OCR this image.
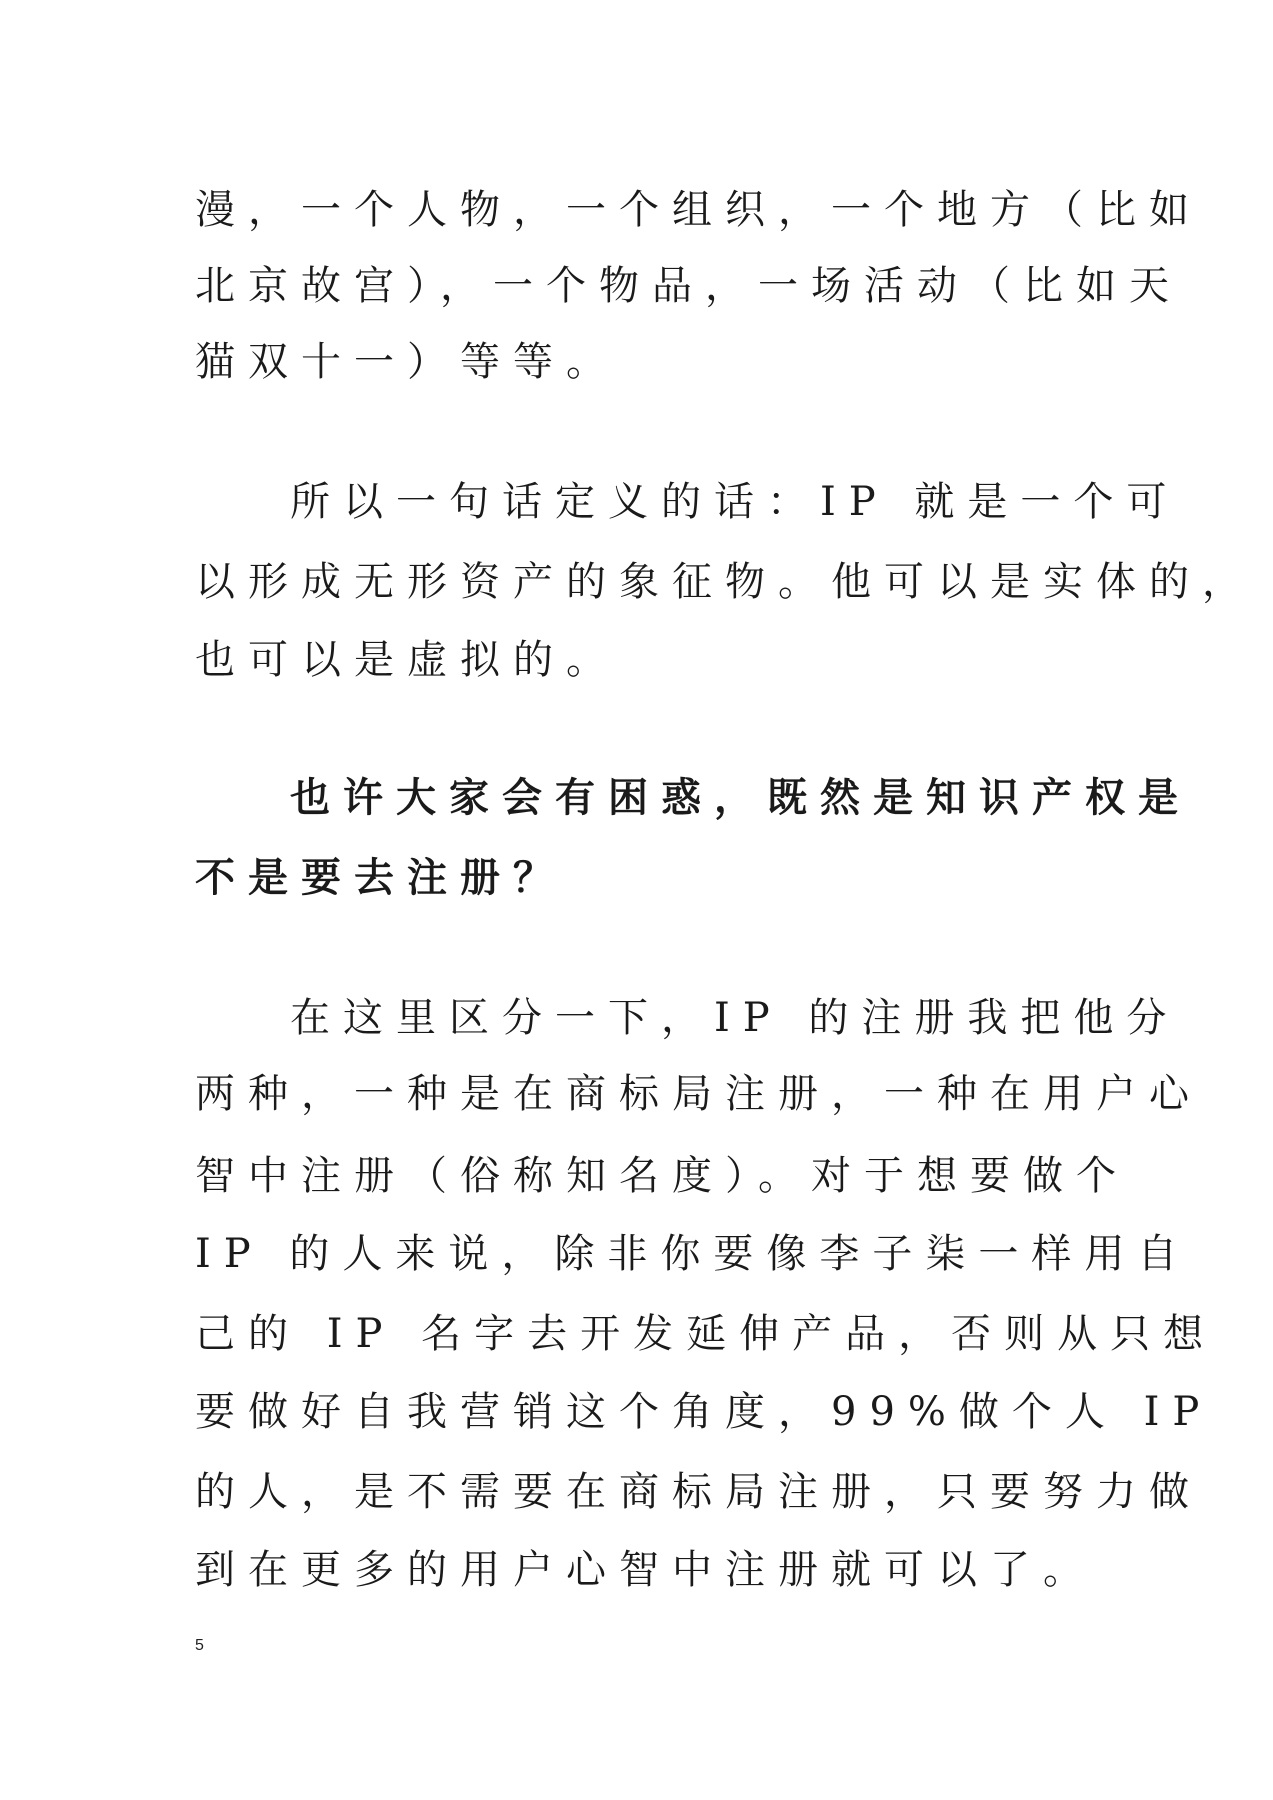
漫，一个人物，一个组织，一个地方（比如
北京故宫），一个物品，一场活动（比如天
猫双十一）等等。
所以一句话定义的话：IP 就是一个可
以形成无形资产的象征物。他可以是实体的，
也可以是虚拟的。
也许大家会有困惑，既然是知识产权是
不是要去注册？
在这里区分一下，IP 的注册我把他分
两种，一种是在商标局注册，一种在用户心
智中注册（俗称知名度）。对于想要做个
IP 的人来说，除非你要像李子柒一样用自
己的 IP 名字去开发延伸产品，否则从只想
要做好自我营销这个角度，99%做个人 IP
的人，是不需要在商标局注册，只要努力做
到在更多的用户心智中注册就可以了。
5
